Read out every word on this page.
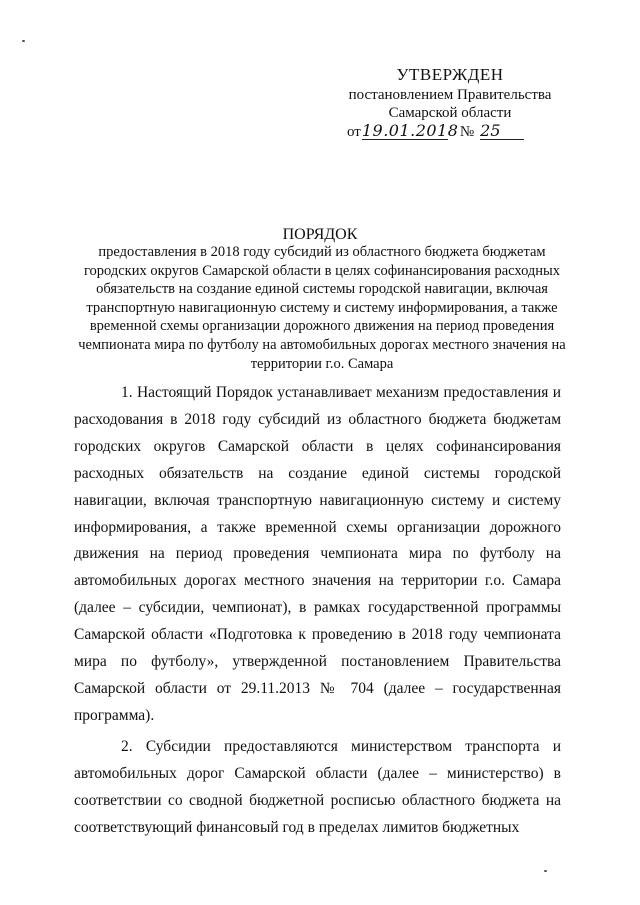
УТВЕРЖДЕН
постановлением Правительства
Самарской области
от19.01.2018№ 25
ПОРЯДОК
предоставления в 2018 году субсидий из областного бюджета бюджетам городских округов Самарской области в целях софинансирования расходных обязательств на создание единой системы городской навигации, включая транспортную навигационную систему и систему информирования, а также временной схемы организации дорожного движения на период проведения чемпионата мира по футболу на автомобильных дорогах местного значения на территории г.о. Самара

1. Настоящий Порядок устанавливает механизм предоставления и расходования в 2018 году субсидий из областного бюджета бюджетам городских округов Самарской области в целях софинансирования расходных обязательств на создание единой системы городской навигации, включая транспортную навигационную систему и систему информирования, а также временной схемы организации дорожного движения на период проведения чемпионата мира по футболу на автомобильных дорогах местного значения на территории г.о. Самара (далее – субсидии, чемпионат), в рамках государственной программы Самарской области «Подготовка к проведению в 2018 году чемпионата мира по футболу», утвержденной постановлением Правительства Самарской области от 29.11.2013 № 704 (далее – государственная программа).

2. Субсидии предоставляются министерством транспорта и автомобильных дорог Самарской области (далее – министерство) в соответствии со сводной бюджетной росписью областного бюджета на соответствующий финансовый год в пределах лимитов бюджетных
